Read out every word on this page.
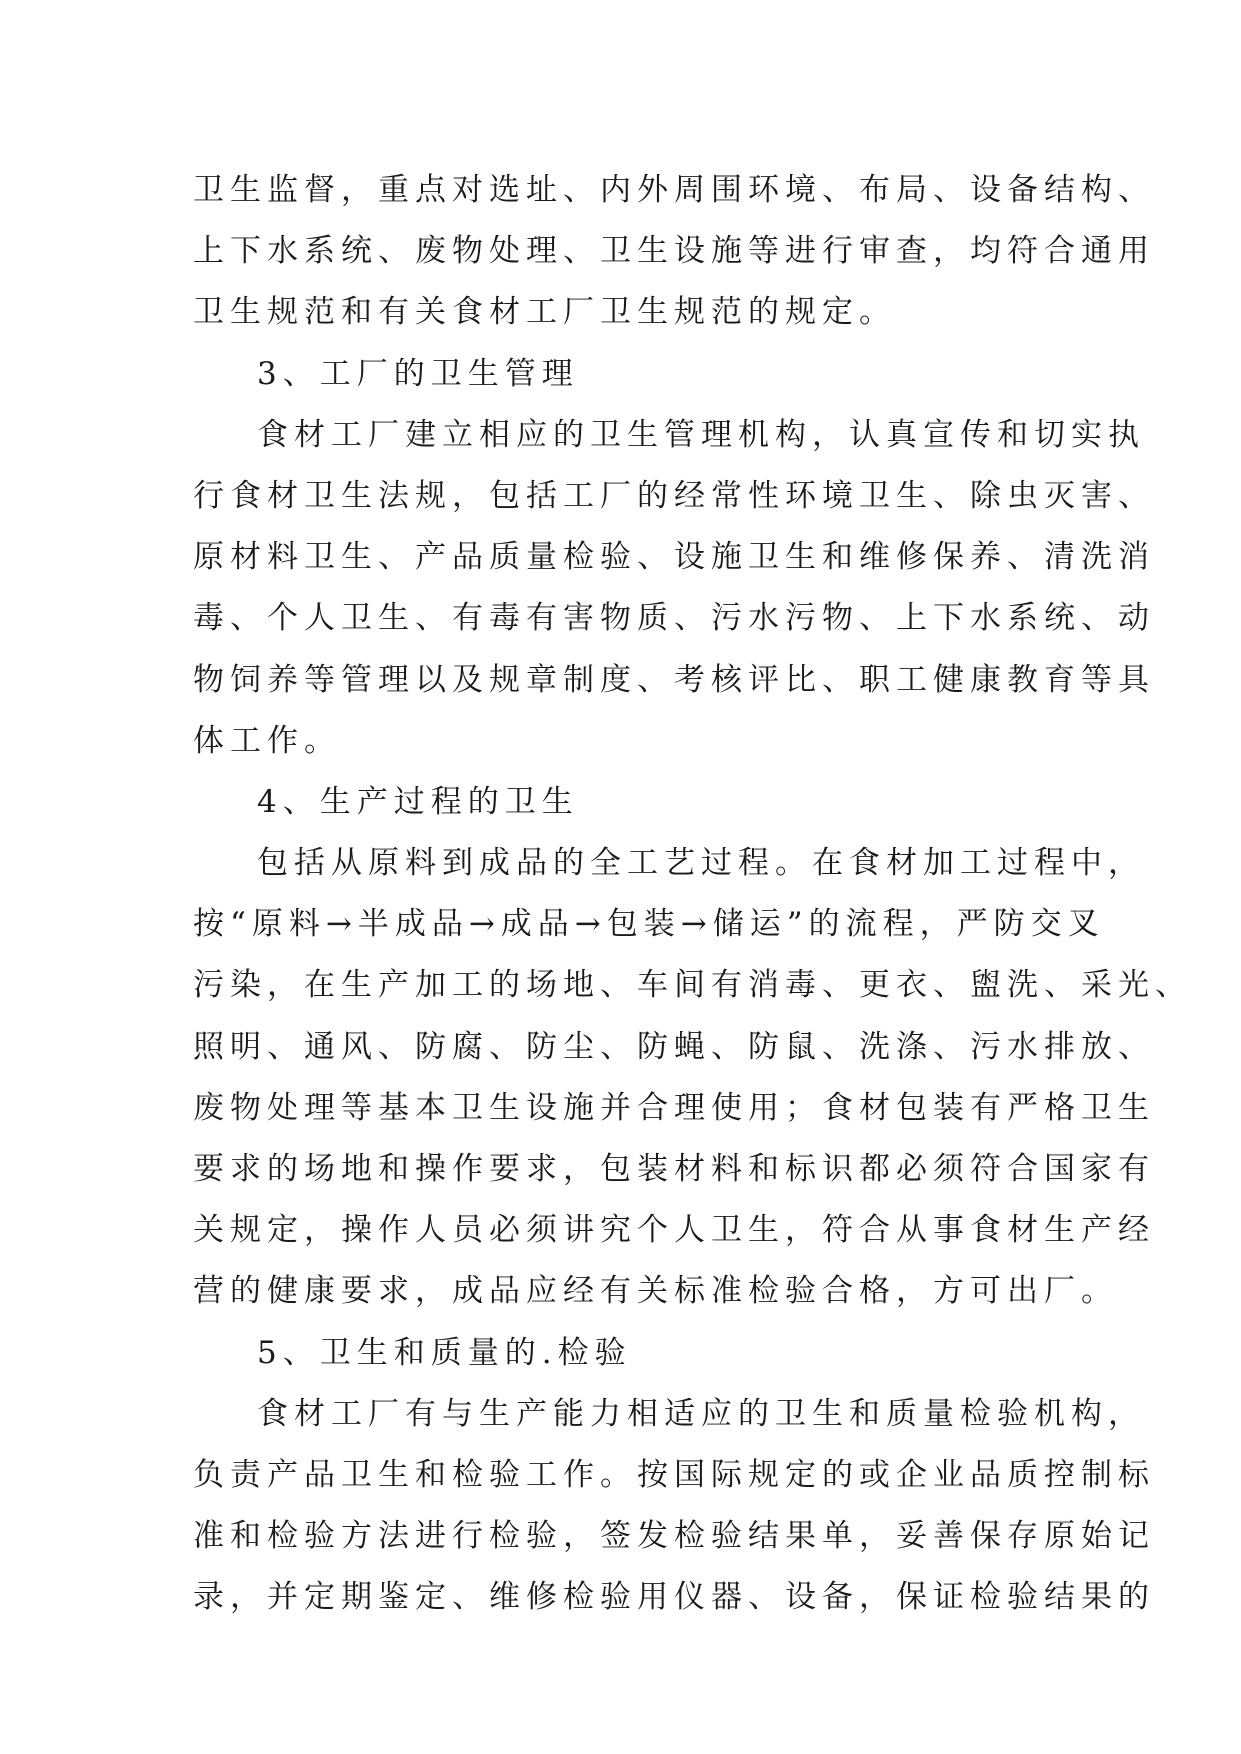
卫生监督，重点对选址、内外周围环境、布局、设备结构、
上下水系统、废物处理、卫生设施等进行审查，均符合通用
卫生规范和有关食材工厂卫生规范的规定。
3、工厂的卫生管理
食材工厂建立相应的卫生管理机构，认真宣传和切实执
行食材卫生法规，包括工厂的经常性环境卫生、除虫灭害、
原材料卫生、产品质量检验、设施卫生和维修保养、清洗消
毒、个人卫生、有毒有害物质、污水污物、上下水系统、动
物饲养等管理以及规章制度、考核评比、职工健康教育等具
体工作。
4、生产过程的卫生
包括从原料到成品的全工艺过程。在食材加工过程中，
按“原料→半成品→成品→包装→储运”的流程，严防交叉
污染，在生产加工的场地、车间有消毒、更衣、盥洗、采光、
照明、通风、防腐、防尘、防蝇、防鼠、洗涤、污水排放、
废物处理等基本卫生设施并合理使用；食材包装有严格卫生
要求的场地和操作要求，包装材料和标识都必须符合国家有
关规定，操作人员必须讲究个人卫生，符合从事食材生产经
营的健康要求，成品应经有关标准检验合格，方可出厂。
5、卫生和质量的.检验
食材工厂有与生产能力相适应的卫生和质量检验机构，
负责产品卫生和检验工作。按国际规定的或企业品质控制标
准和检验方法进行检验，签发检验结果单，妥善保存原始记
录，并定期鉴定、维修检验用仪器、设备，保证检验结果的
